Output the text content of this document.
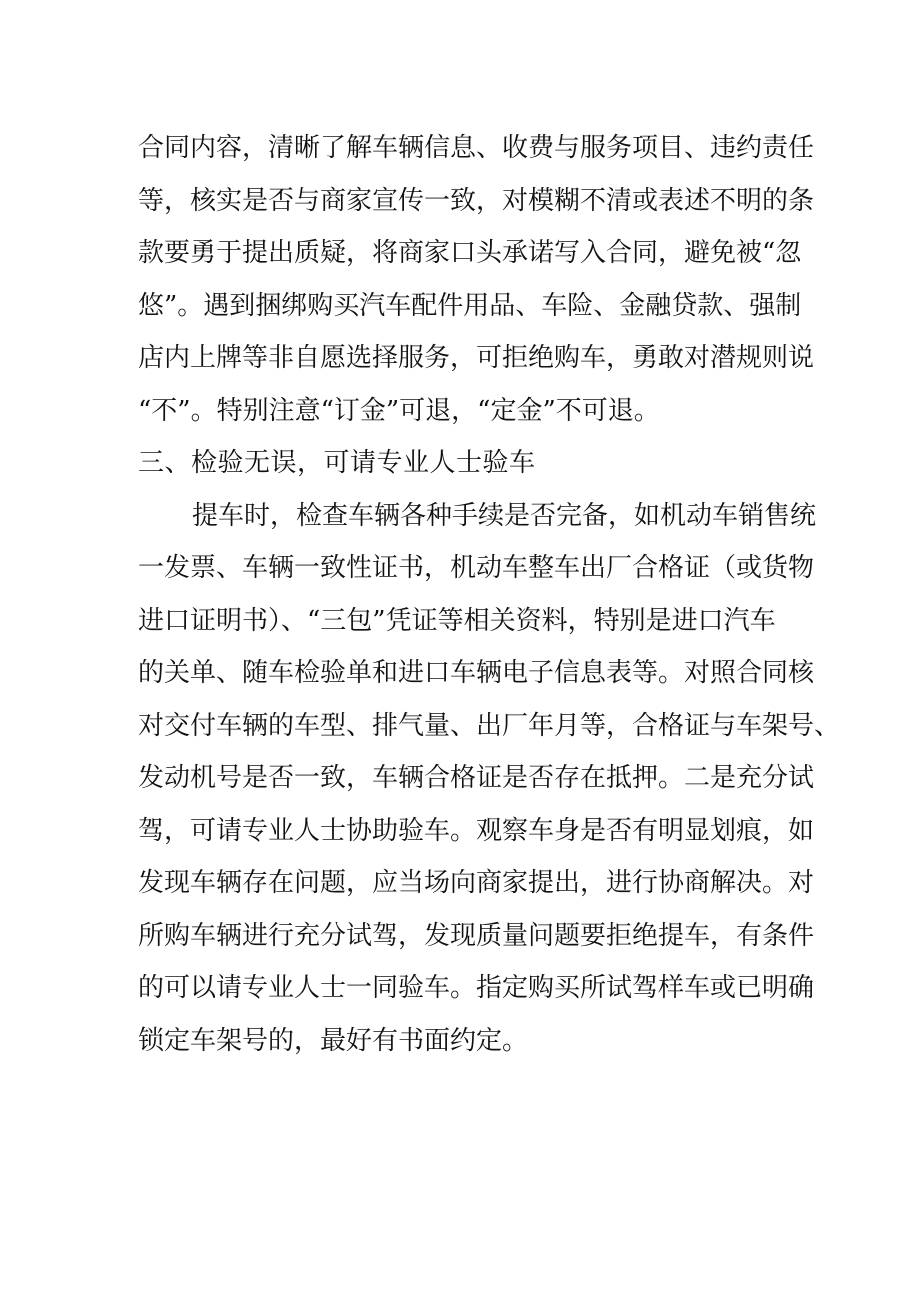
合同内容，清晰了解车辆信息、收费与服务项目、违约责任
等，核实是否与商家宣传一致，对模糊不清或表述不明的条
款要勇于提出质疑，将商家口头承诺写入合同，避免被“忽
悠”。遇到捆绑购买汽车配件用品、车险、金融贷款、强制
店内上牌等非自愿选择服务，可拒绝购车，勇敢对潜规则说
“不”。特别注意“订金”可退，“定金”不可退。
三、检验无误，可请专业人士验车
提车时，检查车辆各种手续是否完备，如机动车销售统
一发票、车辆一致性证书，机动车整车出厂合格证（或货物
进口证明书）、“三包”凭证等相关资料，特别是进口汽车
的关单、随车检验单和进口车辆电子信息表等。对照合同核
对交付车辆的车型、排气量、出厂年月等，合格证与车架号、
发动机号是否一致，车辆合格证是否存在抵押。二是充分试
驾，可请专业人士协助验车。观察车身是否有明显划痕，如
发现车辆存在问题，应当场向商家提出，进行协商解决。对
所购车辆进行充分试驾，发现质量问题要拒绝提车，有条件
的可以请专业人士一同验车。指定购买所试驾样车或已明确
锁定车架号的，最好有书面约定。
